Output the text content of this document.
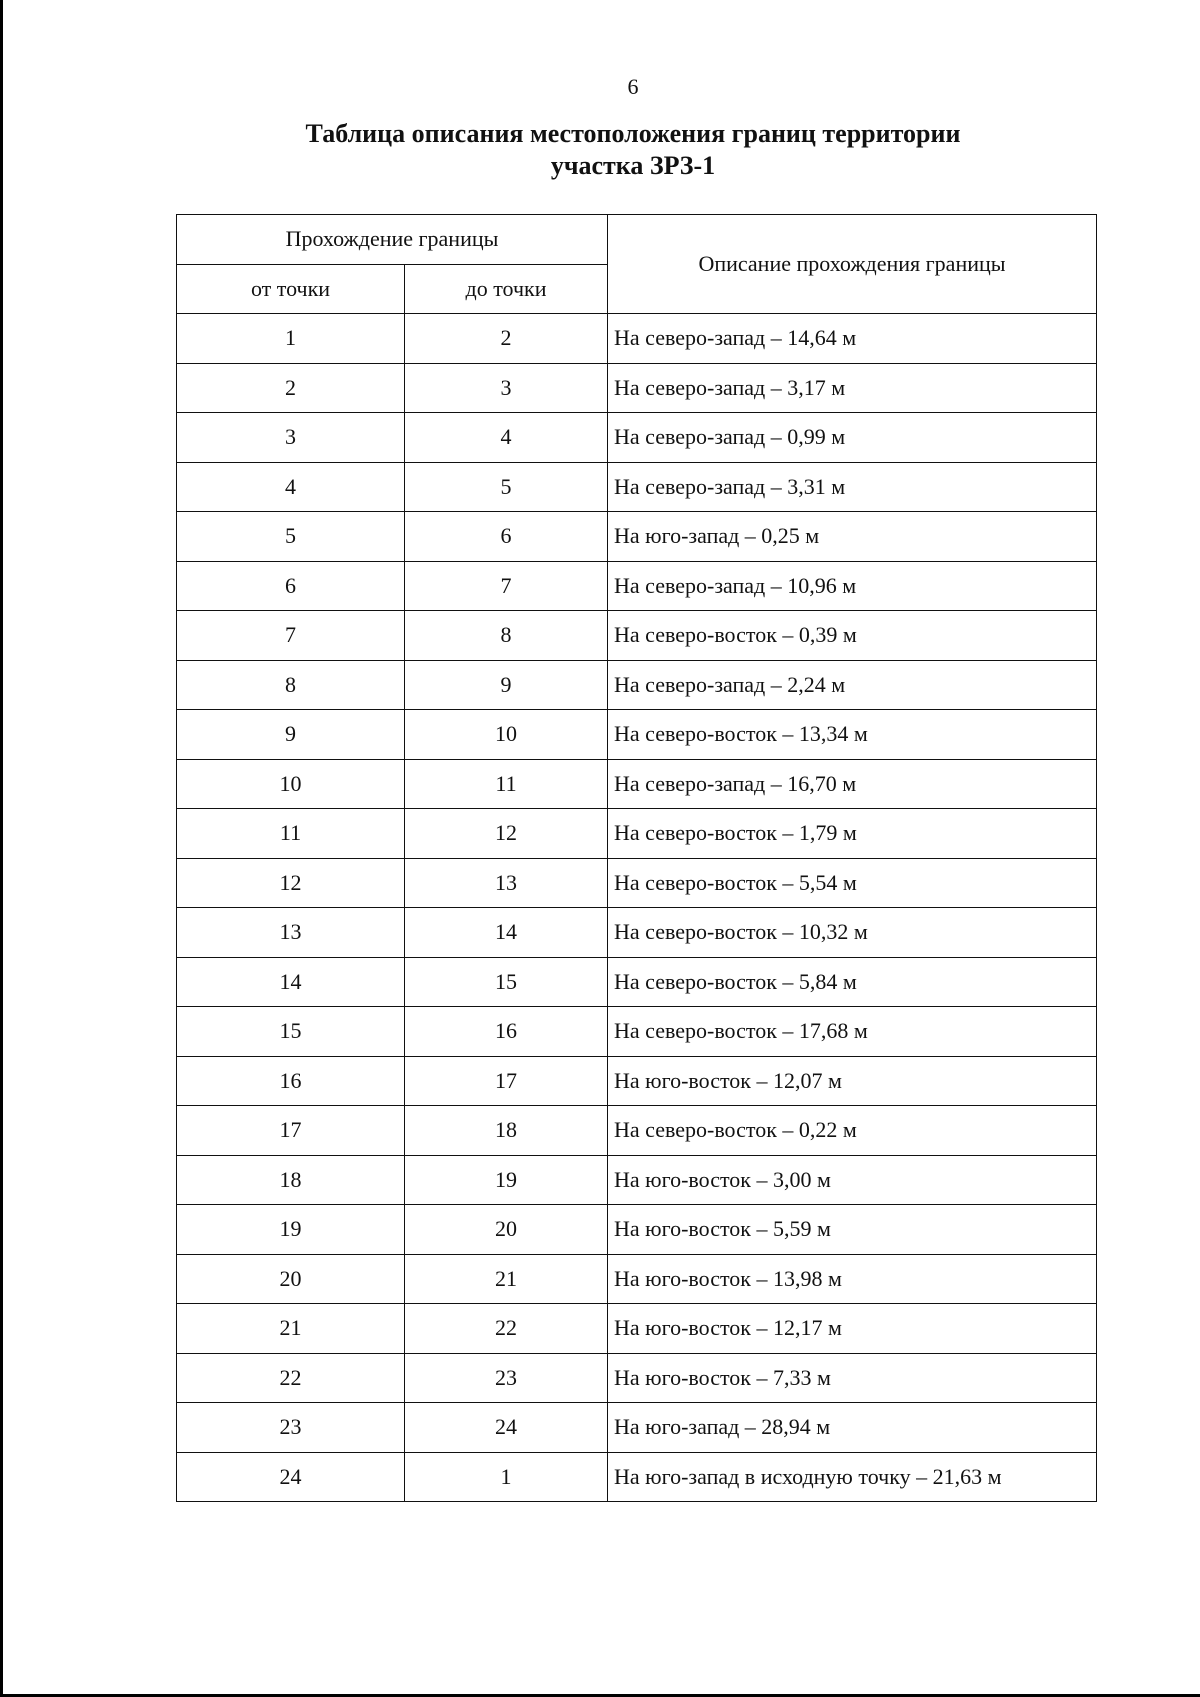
6
Таблица описания местоположения границ территории
участка ЗРЗ-1
Прохождение границы		Описание прохождения границы
от точки	до точки	
1	2	На северо-запад – 14,64 м
2	3	На северо-запад – 3,17 м
3	4	На северо-запад – 0,99 м
4	5	На северо-запад – 3,31 м
5	6	На юго-запад – 0,25 м
6	7	На северо-запад – 10,96 м
7	8	На северо-восток – 0,39 м
8	9	На северо-запад – 2,24 м
9	10	На северо-восток – 13,34 м
10	11	На северо-запад – 16,70 м
11	12	На северо-восток – 1,79 м
12	13	На северо-восток – 5,54 м
13	14	На северо-восток – 10,32 м
14	15	На северо-восток – 5,84 м
15	16	На северо-восток – 17,68 м
16	17	На юго-восток – 12,07 м
17	18	На северо-восток – 0,22 м
18	19	На юго-восток – 3,00 м
19	20	На юго-восток – 5,59 м
20	21	На юго-восток – 13,98 м
21	22	На юго-восток – 12,17 м
22	23	На юго-восток – 7,33 м
23	24	На юго-запад – 28,94 м
24	1	На юго-запад в исходную точку – 21,63 м
